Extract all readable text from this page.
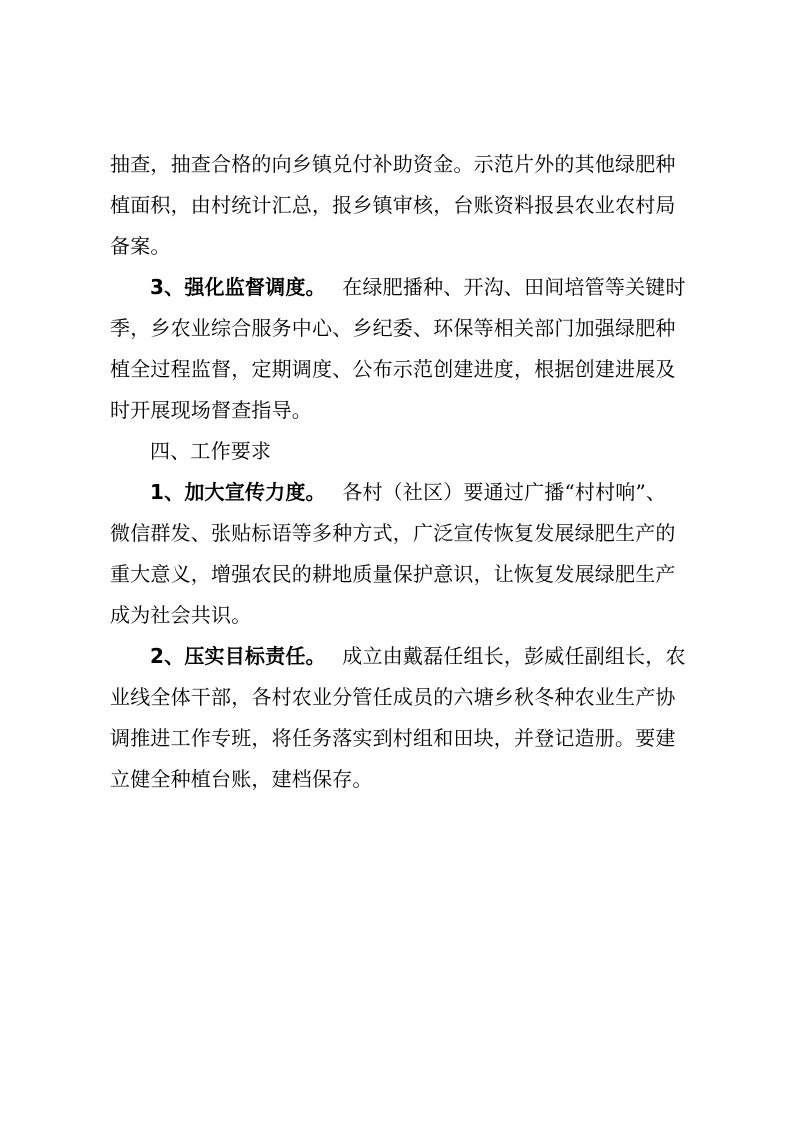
抽查，抽查合格的向乡镇兑付补助资金。示范片外的其他绿肥种
植面积，由村统计汇总，报乡镇审核，台账资料报县农业农村局
备案。
3、强化监督调度。 在绿肥播种、开沟、田间培管等关键时
季，乡农业综合服务中心、乡纪委、环保等相关部门加强绿肥种
植全过程监督，定期调度、公布示范创建进度，根据创建进展及
时开展现场督查指导。
四、工作要求
1、加大宣传力度。 各村（社区）要通过广播“村村响”、
微信群发、张贴标语等多种方式，广泛宣传恢复发展绿肥生产的
重大意义，增强农民的耕地质量保护意识，让恢复发展绿肥生产
成为社会共识。
2、压实目标责任。 成立由戴磊任组长，彭威任副组长，农
业线全体干部，各村农业分管任成员的六塘乡秋冬种农业生产协
调推进工作专班，将任务落实到村组和田块，并登记造册。要建
立健全种植台账，建档保存。
